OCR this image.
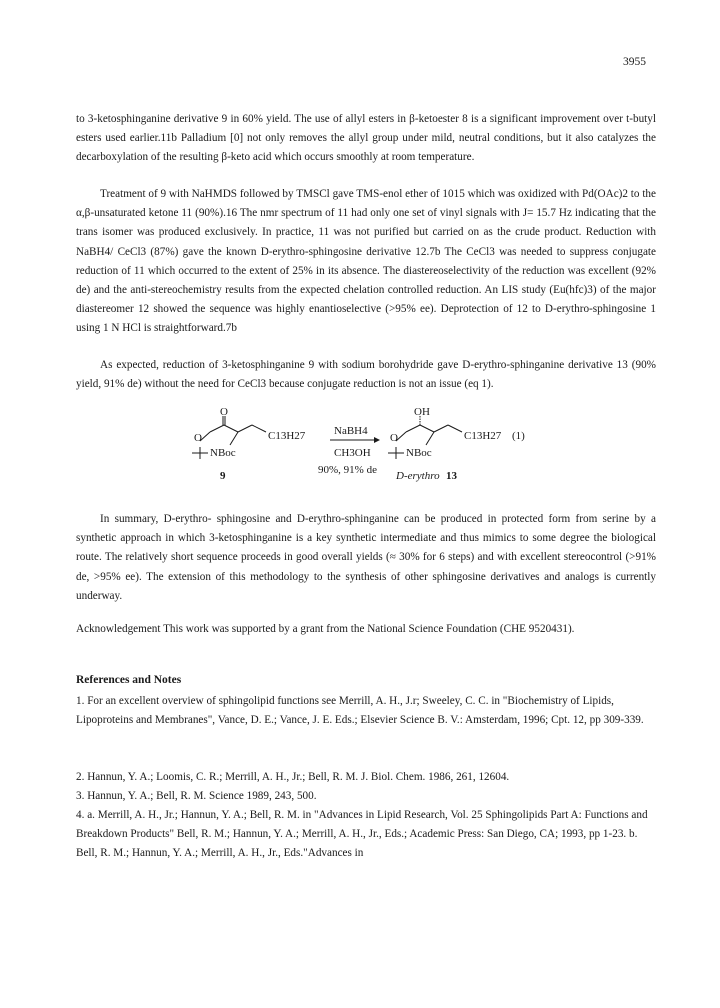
3955
to 3-ketosphinganine derivative 9 in 60% yield. The use of allyl esters in β-ketoester 8 is a significant improvement over t-butyl esters used earlier.11b Palladium [0] not only removes the allyl group under mild, neutral conditions, but it also catalyzes the decarboxylation of the resulting β-keto acid which occurs smoothly at room temperature.
Treatment of 9 with NaHMDS followed by TMSCl gave TMS-enol ether of 1015 which was oxidized with Pd(OAc)2 to the α,β-unsaturated ketone 11 (90%).16 The nmr spectrum of 11 had only one set of vinyl signals with J= 15.7 Hz indicating that the trans isomer was produced exclusively. In practice, 11 was not purified but carried on as the crude product. Reduction with NaBH4/ CeCl3 (87%) gave the known D-erythro-sphingosine derivative 12.7b The CeCl3 was needed to suppress conjugate reduction of 11 which occurred to the extent of 25% in its absence. The diastereoselectivity of the reduction was excellent (92% de) and the anti-stereochemistry results from the expected chelation controlled reduction. An LIS study (Eu(hfc)3) of the major diastereomer 12 showed the sequence was highly enantioselective (>95% ee). Deprotection of 12 to D-erythro-sphingosine 1 using 1 N HCl is straightforward.7b
As expected, reduction of 3-ketosphinganine 9 with sodium borohydride gave D-erythro-sphinganine derivative 13 (90% yield, 91% de) without the need for CeCl3 because conjugate reduction is not an issue (eq 1).
O
O
NBoc
C13H27
9
NaBH4
CH3OH
90%, 91% de
OH
O
NBoc
C13H27 (1)
D-erythro 13
In summary, D-erythro- sphingosine and D-erythro-sphinganine can be produced in protected form from serine by a synthetic approach in which 3-ketosphinganine is a key synthetic intermediate and thus mimics to some degree the biological route. The relatively short sequence proceeds in good overall yields (≈ 30% for 6 steps) and with excellent stereocontrol (>91% de, >95% ee). The extension of this methodology to the synthesis of other sphingosine derivatives and analogs is currently underway.
Acknowledgement This work was supported by a grant from the National Science Foundation (CHE 9520431).
References and Notes
1. For an excellent overview of sphingolipid functions see Merrill, A. H., J.r; Sweeley, C. C. in "Biochemistry of Lipids, Lipoproteins and Membranes", Vance, D. E.; Vance, J. E. Eds.; Elsevier Science B. V.: Amsterdam, 1996; Cpt. 12, pp 309-339.
2. Hannun, Y. A.; Loomis, C. R.; Merrill, A. H., Jr.; Bell, R. M. J. Biol. Chem. 1986, 261, 12604.
3. Hannun, Y. A.; Bell, R. M. Science 1989, 243, 500.
4. a. Merrill, A. H., Jr.; Hannun, Y. A.; Bell, R. M. in "Advances in Lipid Research, Vol. 25 Sphingolipids Part A: Functions and Breakdown Products" Bell, R. M.; Hannun, Y. A.; Merrill, A. H., Jr., Eds.; Academic Press: San Diego, CA; 1993, pp 1-23. b. Bell, R. M.; Hannun, Y. A.; Merrill, A. H., Jr., Eds."Advances in
